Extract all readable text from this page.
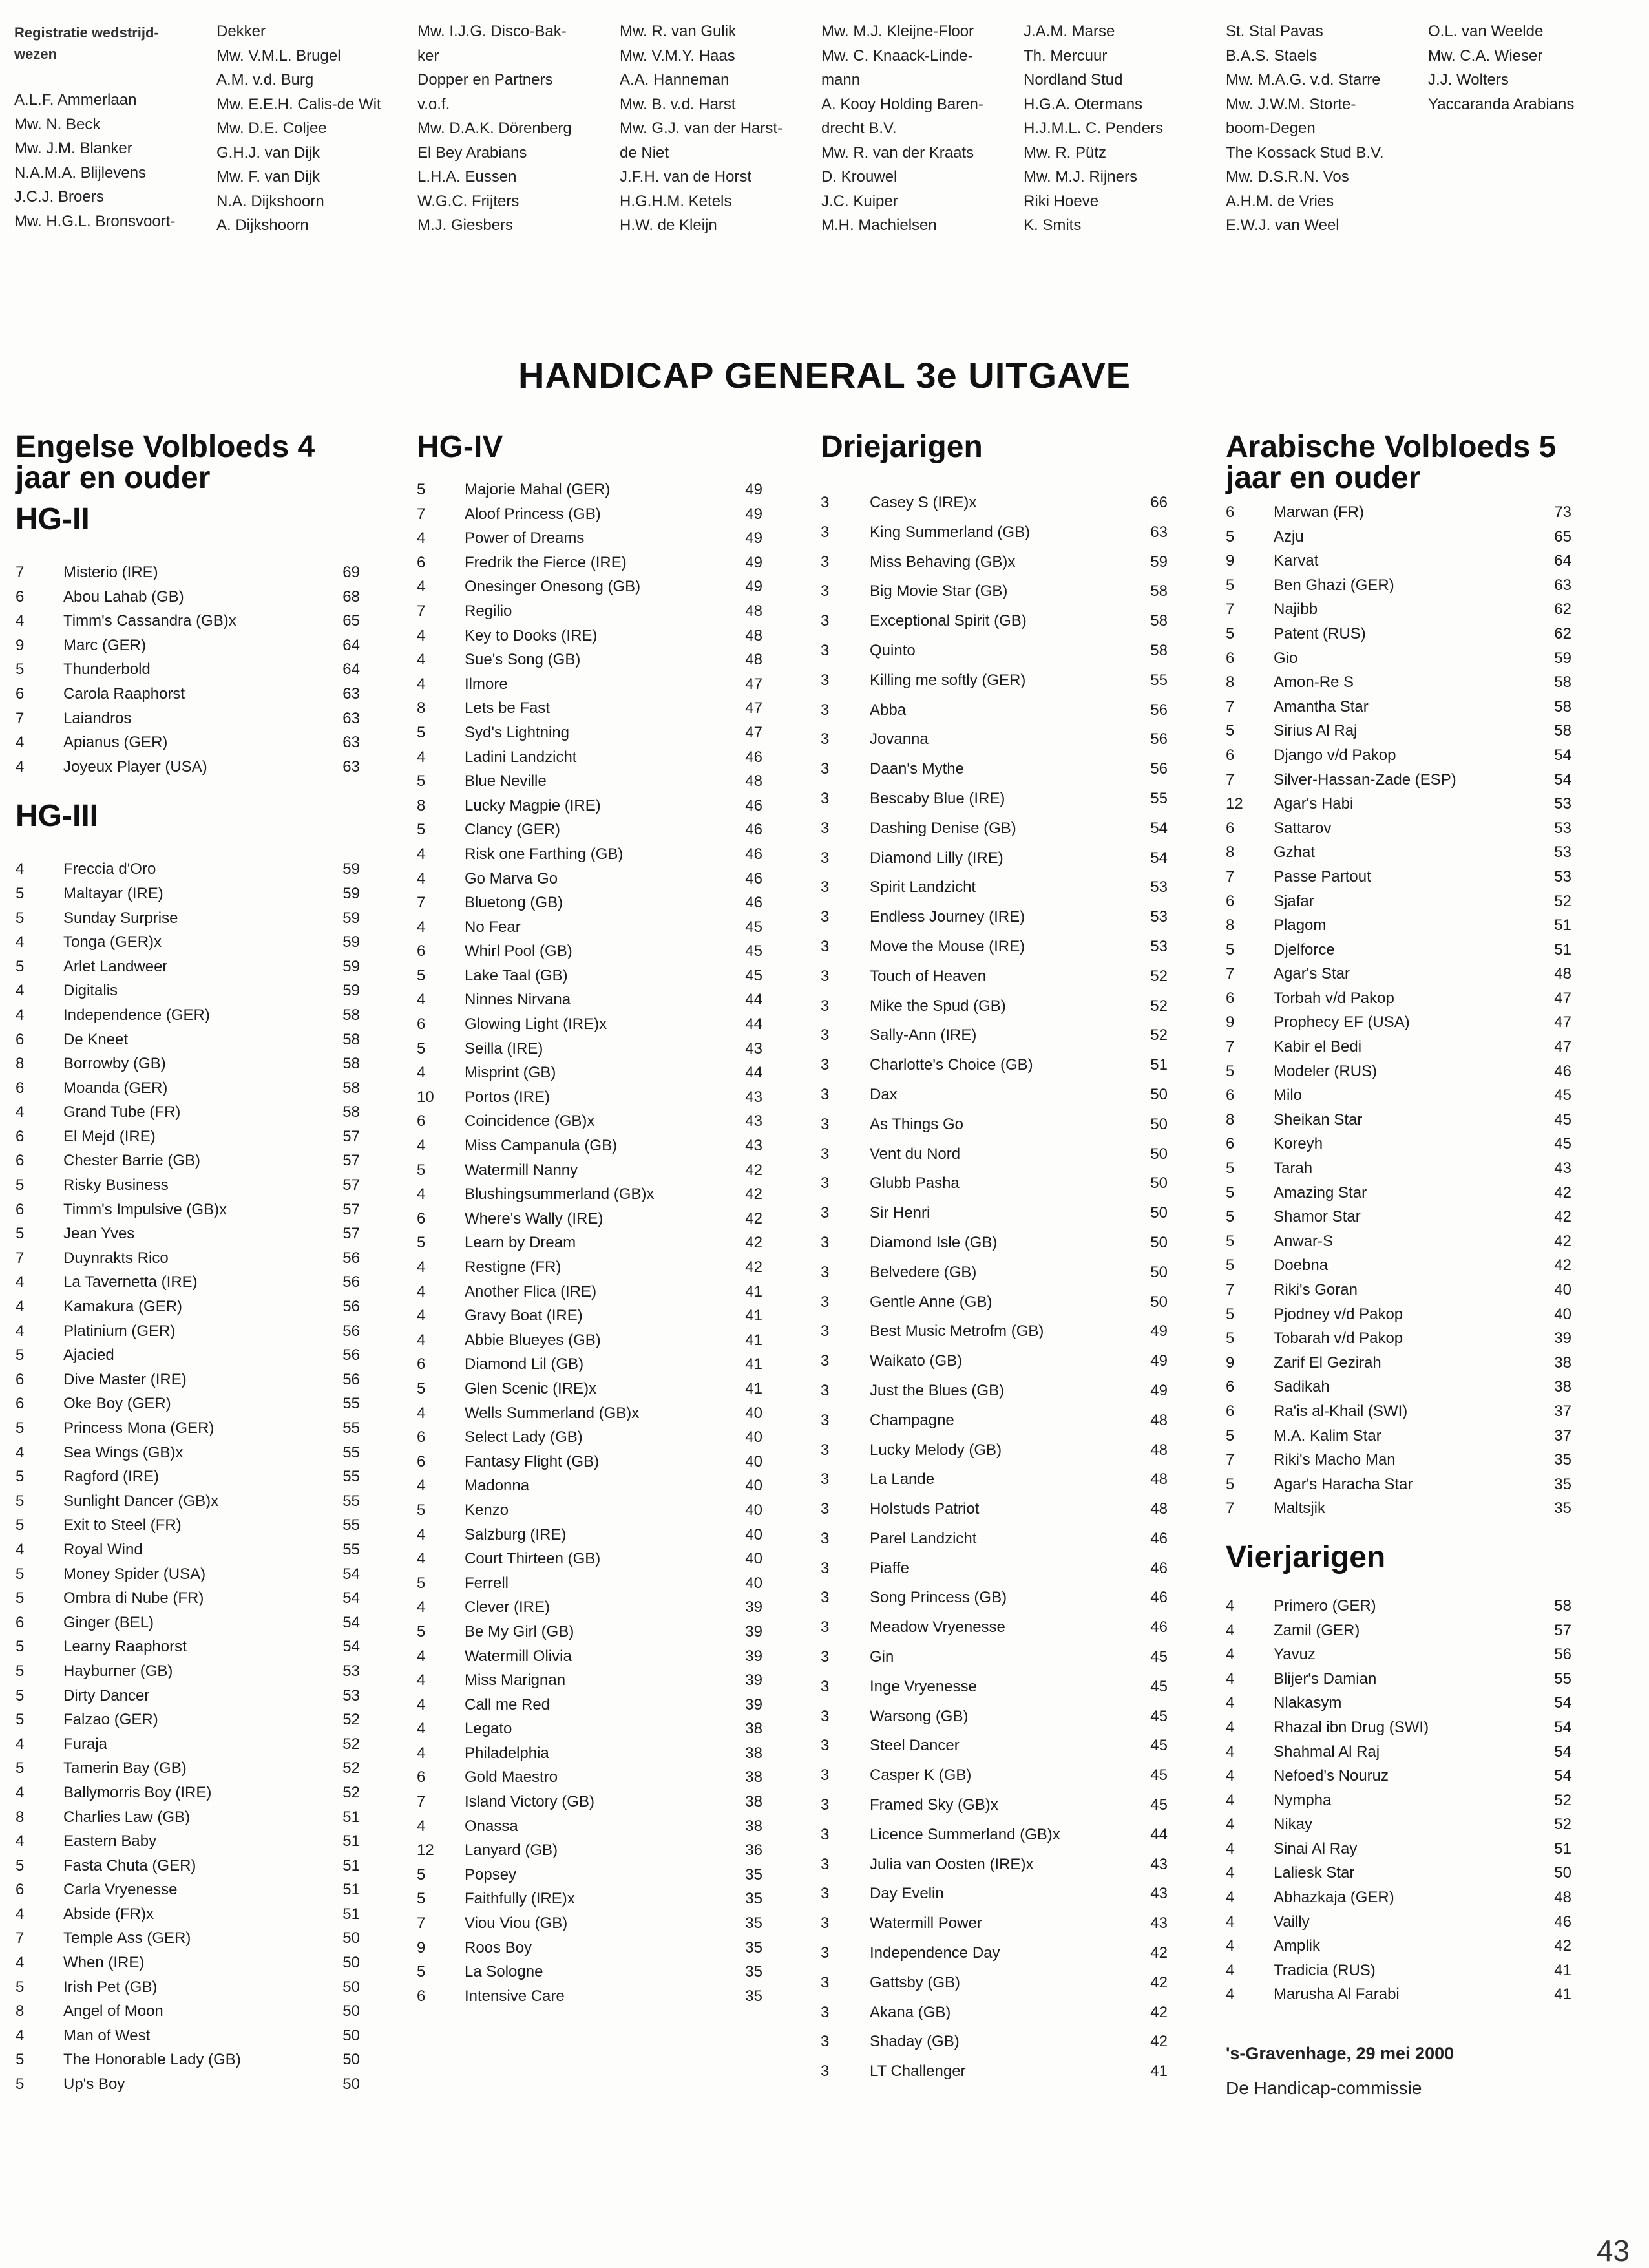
Registratie wedstrijd-
wezen
A.L.F. Ammerlaan
Mw. N. Beck
Mw. J.M. Blanker
N.A.M.A. Blijlevens
J.C.J. Broers
Mw. H.G.L. Bronsvoort-
Dekker
Mw. V.M.L. Brugel
A.M. v.d. Burg
Mw. E.E.H. Calis-de Wit
Mw. D.E. Coljee
G.H.J. van Dijk
Mw. F. van Dijk
N.A. Dijkshoorn
A. Dijkshoorn
Mw. I.J.G. Disco-Bak-
ker
Dopper en Partners
v.o.f.
Mw. D.A.K. Dörenberg
El Bey Arabians
L.H.A. Eussen
W.G.C. Frijters
M.J. Giesbers
Mw. R. van Gulik
Mw. V.M.Y. Haas
A.A. Hanneman
Mw. B. v.d. Harst
Mw. G.J. van der Harst-
de Niet
J.F.H. van de Horst
H.G.H.M. Ketels
H.W. de Kleijn
Mw. M.J. Kleijne-Floor
Mw. C. Knaack-Linde-
mann
A. Kooy Holding Baren-
drecht B.V.
Mw. R. van der Kraats
D. Krouwel
J.C. Kuiper
M.H. Machielsen
J.A.M. Marse
Th. Mercuur
Nordland Stud
H.G.A. Otermans
H.J.M.L. C. Penders
Mw. R. Pütz
Mw. M.J. Rijners
Riki Hoeve
K. Smits
St. Stal Pavas
B.A.S. Staels
Mw. M.A.G. v.d. Starre
Mw. J.W.M. Storte-
boom-Degen
The Kossack Stud B.V.
Mw. D.S.R.N. Vos
A.H.M. de Vries
E.W.J. van Weel
O.L. van Weelde
Mw. C.A. Wieser
J.J. Wolters
Yaccaranda Arabians
HANDICAP GENERAL 3e UITGAVE
Engelse Volbloeds 4 jaar en ouder
HG-II
7	Misterio (IRE)	69
6	Abou Lahab (GB)	68
4	Timm's Cassandra (GB)x	65
9	Marc (GER)	64
5	Thunderbold	64
6	Carola Raaphorst	63
7	Laiandros	63
4	Apianus (GER)	63
4	Joyeux Player (USA)	63
HG-III
4	Freccia d'Oro	59
5	Maltayar (IRE)	59
5	Sunday Surprise	59
4	Tonga (GER)x	59
5	Arlet Landweer	59
4	Digitalis	59
4	Independence (GER)	58
6	De Kneet	58
8	Borrowby (GB)	58
6	Moanda (GER)	58
4	Grand Tube (FR)	58
6	El Mejd (IRE)	57
6	Chester Barrie (GB)	57
5	Risky Business	57
6	Timm's Impulsive (GB)x	57
5	Jean Yves	57
7	Duynrakts Rico	56
4	La Tavernetta (IRE)	56
4	Kamakura (GER)	56
4	Platinium (GER)	56
5	Ajacied	56
6	Dive Master (IRE)	56
6	Oke Boy (GER)	55
5	Princess Mona (GER)	55
4	Sea Wings (GB)x	55
5	Ragford (IRE)	55
5	Sunlight Dancer (GB)x	55
5	Exit to Steel (FR)	55
4	Royal Wind	55
5	Money Spider (USA)	54
5	Ombra di Nube (FR)	54
6	Ginger (BEL)	54
5	Learny Raaphorst	54
5	Hayburner (GB)	53
5	Dirty Dancer	53
5	Falzao (GER)	52
4	Furaja	52
5	Tamerin Bay (GB)	52
4	Ballymorris Boy (IRE)	52
8	Charlies Law (GB)	51
4	Eastern Baby	51
5	Fasta Chuta (GER)	51
6	Carla Vryenesse	51
4	Abside (FR)x	51
7	Temple Ass (GER)	50
4	When (IRE)	50
5	Irish Pet (GB)	50
8	Angel of Moon	50
4	Man of West	50
5	The Honorable Lady (GB)	50
5	Up's Boy	50
HG-IV
5	Majorie Mahal (GER)	49
7	Aloof Princess (GB)	49
4	Power of Dreams	49
6	Fredrik the Fierce (IRE)	49
4	Onesinger Onesong (GB)	49
7	Regilio	48
4	Key to Dooks (IRE)	48
4	Sue's Song (GB)	48
4	Ilmore	47
8	Lets be Fast	47
5	Syd's Lightning	47
4	Ladini Landzicht	46
5	Blue Neville	48
8	Lucky Magpie (IRE)	46
5	Clancy (GER)	46
4	Risk one Farthing (GB)	46
4	Go Marva Go	46
7	Bluetong (GB)	46
4	No Fear	45
6	Whirl Pool (GB)	45
5	Lake Taal (GB)	45
4	Ninnes Nirvana	44
6	Glowing Light (IRE)x	44
5	Seilla (IRE)	43
4	Misprint (GB)	44
10 Portos (IRE)	43
6	Coincidence (GB)x	43
4	Miss Campanula (GB)	43
5	Watermill Nanny	42
4	Blushingsummerland (GB)x	42
6	Where's Wally (IRE)	42
5	Learn by Dream	42
4	Restigne (FR)	42
4	Another Flica (IRE)	41
4	Gravy Boat (IRE)	41
4	Abbie Blueyes (GB)	41
6	Diamond Lil (GB)	41
5	Glen Scenic (IRE)x	41
4	Wells Summerland (GB)x	40
6	Select Lady (GB)	40
6	Fantasy Flight (GB)	40
4	Madonna	40
5	Kenzo	40
4	Salzburg (IRE)	40
4	Court Thirteen (GB)	40
5	Ferrell	40
4	Clever (IRE)	39
5	Be My Girl (GB)	39
4	Watermill Olivia	39
4	Miss Marignan	39
4	Call me Red	39
4	Legato	38
4	Philadelphia	38
6	Gold Maestro	38
7	Island Victory (GB)	38
4	Onassa	38
12 Lanyard (GB)	36
5	Popsey	35
5	Faithfully (IRE)x	35
7	Viou Viou (GB)	35
9	Roos Boy	35
5	La Sologne	35
6	Intensive Care	35
Driejarigen
3	Casey S (IRE)x	66
3	King Summerland (GB)	63
3	Miss Behaving (GB)x	59
3	Big Movie Star (GB)	58
3	Exceptional Spirit (GB)	58
3	Quinto	58
3	Killing me softly (GER)	55
3	Abba	56
3	Jovanna	56
3	Daan's Mythe	56
3	Bescaby Blue (IRE)	55
3	Dashing Denise (GB)	54
3	Diamond Lilly (IRE)	54
3	Spirit Landzicht	53
3	Endless Journey (IRE)	53
3	Move the Mouse (IRE)	53
3	Touch of Heaven	52
3	Mike the Spud (GB)	52
3	Sally-Ann (IRE)	52
3	Charlotte's Choice (GB)	51
3	Dax	50
3	As Things Go	50
3	Vent du Nord	50
3	Glubb Pasha	50
3	Sir Henri	50
3	Diamond Isle (GB)	50
3	Belvedere (GB)	50
3	Gentle Anne (GB)	50
3	Best Music Metrofm (GB)	49
3	Waikato (GB)	49
3	Just the Blues (GB)	49
3	Champagne	48
3	Lucky Melody (GB)	48
3	La Lande	48
3	Holstuds Patriot	48
3	Parel Landzicht	46
3	Piaffe	46
3	Song Princess (GB)	46
3	Meadow Vryenesse	46
3	Gin	45
3	Inge Vryenesse	45
3	Warsong (GB)	45
3	Steel Dancer	45
3	Casper K (GB)	45
3	Framed Sky (GB)x	45
3	Licence Summerland (GB)x	44
3	Julia van Oosten (IRE)x	43
3	Day Evelin	43
3	Watermill Power	43
3	Independence Day	42
3	Gattsby (GB)	42
3	Akana (GB)	42
3	Shaday (GB)	42
3	LT Challenger	41
Arabische Volbloeds 5 jaar en ouder
6	Marwan (FR)	73
5	Azju	65
9	Karvat	64
5	Ben Ghazi (GER)	63
7	Najibb	62
5	Patent (RUS)	62
6	Gio	59
8	Amon-Re S	58
7	Amantha Star	58
5	Sirius Al Raj	58
6	Django v/d Pakop	54
7	Silver-Hassan-Zade (ESP)	54
12 Agar's Habi	53
6	Sattarov	53
8	Gzhat	53
7	Passe Partout	53
6	Sjafar	52
8	Plagom	51
5	Djelforce	51
7	Agar's Star	48
6	Torbah v/d Pakop	47
9	Prophecy EF (USA)	47
7	Kabir el Bedi	47
5	Modeler (RUS)	46
6	Milo	45
8	Sheikan Star	45
6	Koreyh	45
5	Tarah	43
5	Amazing Star	42
5	Shamor Star	42
5	Anwar-S	42
5	Doebna	42
7	Riki's Goran	40
5	Pjodney v/d Pakop	40
5	Tobarah v/d Pakop	39
9	Zarif El Gezirah	38
6	Sadikah	38
6	Ra'is al-Khail (SWI)	37
5	M.A. Kalim Star	37
7	Riki's Macho Man	35
5	Agar's Haracha Star	35
7	Maltsjik	35
Vierjarigen
4	Primero (GER)	58
4	Zamil (GER)	57
4	Yavuz	56
4	Blijer's Damian	55
4	Nlakasym	54
4	Rhazal ibn Drug (SWI)	54
4	Shahmal Al Raj	54
4	Nefoed's Nouruz	54
4	Nympha	52
4	Nikay	52
4	Sinai Al Ray	51
4	Laliesk Star	50
4	Abhazkaja (GER)	48
4	Vailly	46
4	Amplik	42
4	Tradicia (RUS)	41
4	Marusha Al Farabi	41
's-Gravenhage, 29 mei 2000
De Handicap-commissie
43
